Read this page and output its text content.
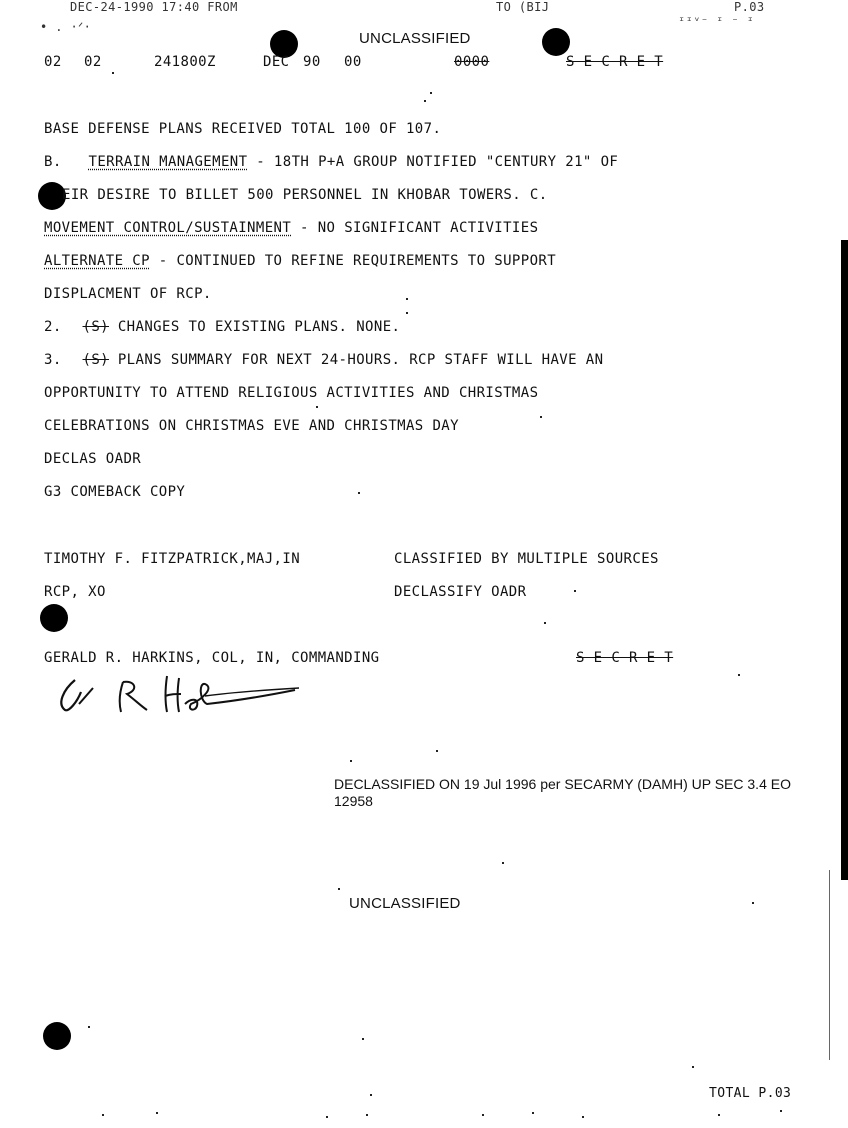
DEC-24-1990 17:40 FROM	TO (BIJ	P.03
• . ·ᐟ·	ᶦᶦᵛ⁻ ᶦ ⁻ ᶦ
UNCLASSIFIED
02 02	241800Z	DEC 90 00	0000	S E C R E T
BASE DEFENSE PLANS RECEIVED TOTAL 100 OF 107.
B. TERRAIN MANAGEMENT - 18TH P+A GROUP NOTIFIED "CENTURY 21" OF
EIR DESIRE TO BILLET 500 PERSONNEL IN KHOBAR TOWERS. C.
MOVEMENT CONTROL/SUSTAINMENT - NO SIGNIFICANT ACTIVITIES
ALTERNATE CP - CONTINUED TO REFINE REQUIREMENTS TO SUPPORT
DISPLACMENT OF RCP.
2. (S) CHANGES TO EXISTING PLANS. NONE.
3. (S) PLANS SUMMARY FOR NEXT 24-HOURS. RCP STAFF WILL HAVE AN
OPPORTUNITY TO ATTEND RELIGIOUS ACTIVITIES AND CHRISTMAS
CELEBRATIONS ON CHRISTMAS EVE AND CHRISTMAS DAY
DECLAS OADR
G3 COMEBACK COPY
TIMOTHY F. FITZPATRICK,MAJ,IN	CLASSIFIED BY MULTIPLE SOURCES
RCP, XO	DECLASSIFY OADR
GERALD R. HARKINS, COL, IN, COMMANDING	S E C R E T
DECLASSIFIED ON 19 Jul 1996 per SECARMY (DAMH) UP SEC 3.4 EO 12958
UNCLASSIFIED
TOTAL P.03
